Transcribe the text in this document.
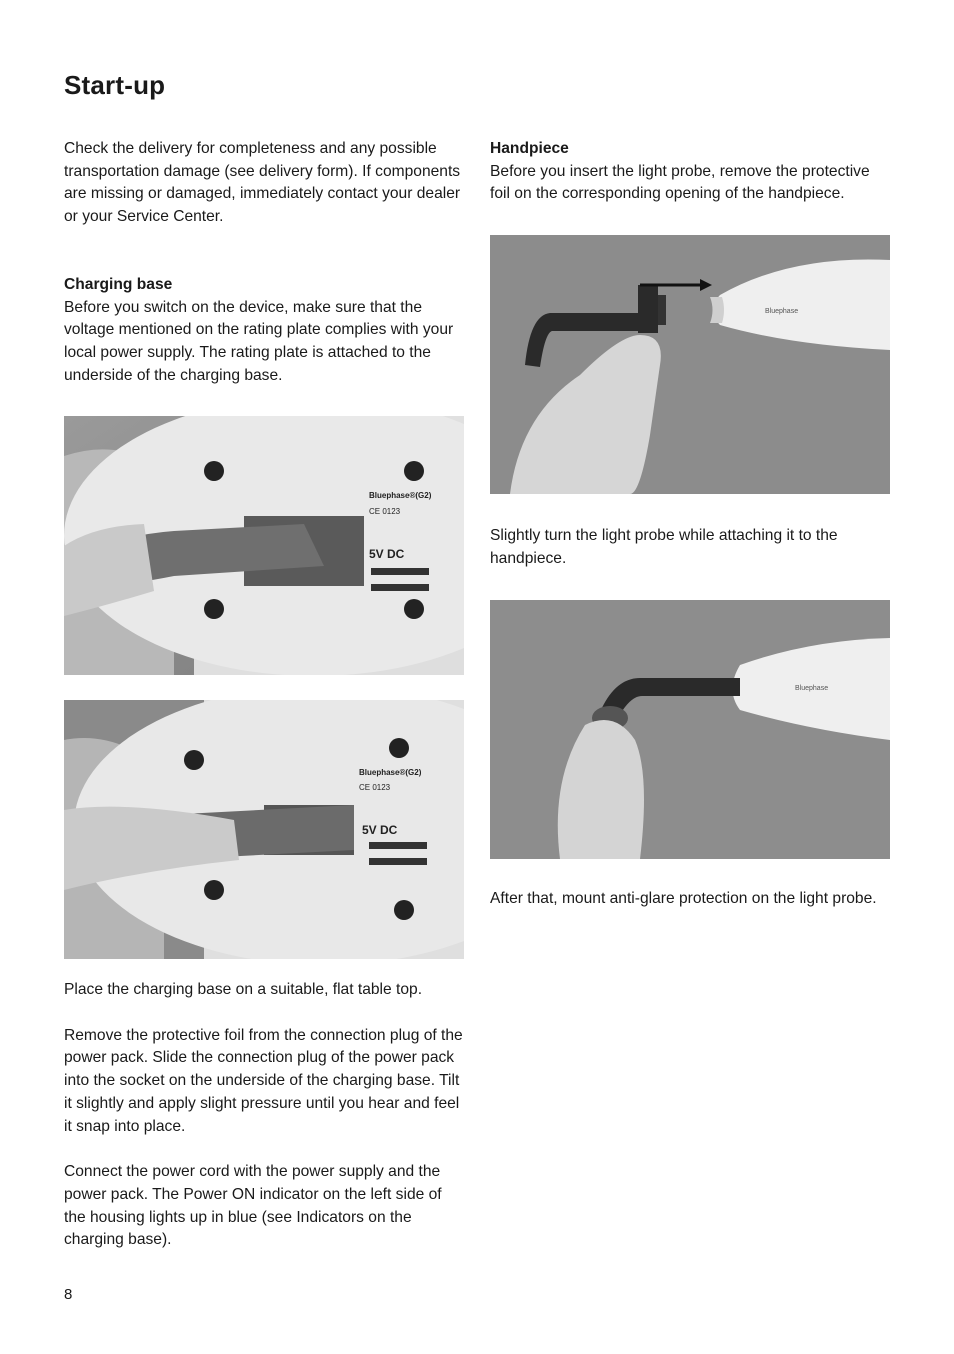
Start-up

Check the delivery for completeness and any possible transportation damage (see delivery form). If components are missing or damaged, immediately contact your dealer or your Service Center.

Charging base

Before you switch on the device, make sure that the voltage mentioned on the rating plate complies with your local power supply. The rating plate is attached to the underside of the charging base.

Bluephase®(G2)
CE 0123
5V DC
Bluephase®(G2)
CE 0123
5V DC

Place the charging base on a suitable, flat table top.

Remove the protective foil from the connection plug of the power pack. Slide the connection plug of the power pack into the socket on the underside of the charging base. Tilt it slightly and apply slight pressure until you hear and feel it snap into place.

Connect the power cord with the power supply and the power pack. The Power ON indicator on the left side of the housing lights up in blue (see Indicators on the charging base).

Handpiece

Before you insert the light probe, remove the protective foil on the corresponding opening of the handpiece.

Bluephase

Slightly turn the light probe while attaching it to the handpiece.

Bluephase

After that, mount anti-glare protection on the light probe.

8
